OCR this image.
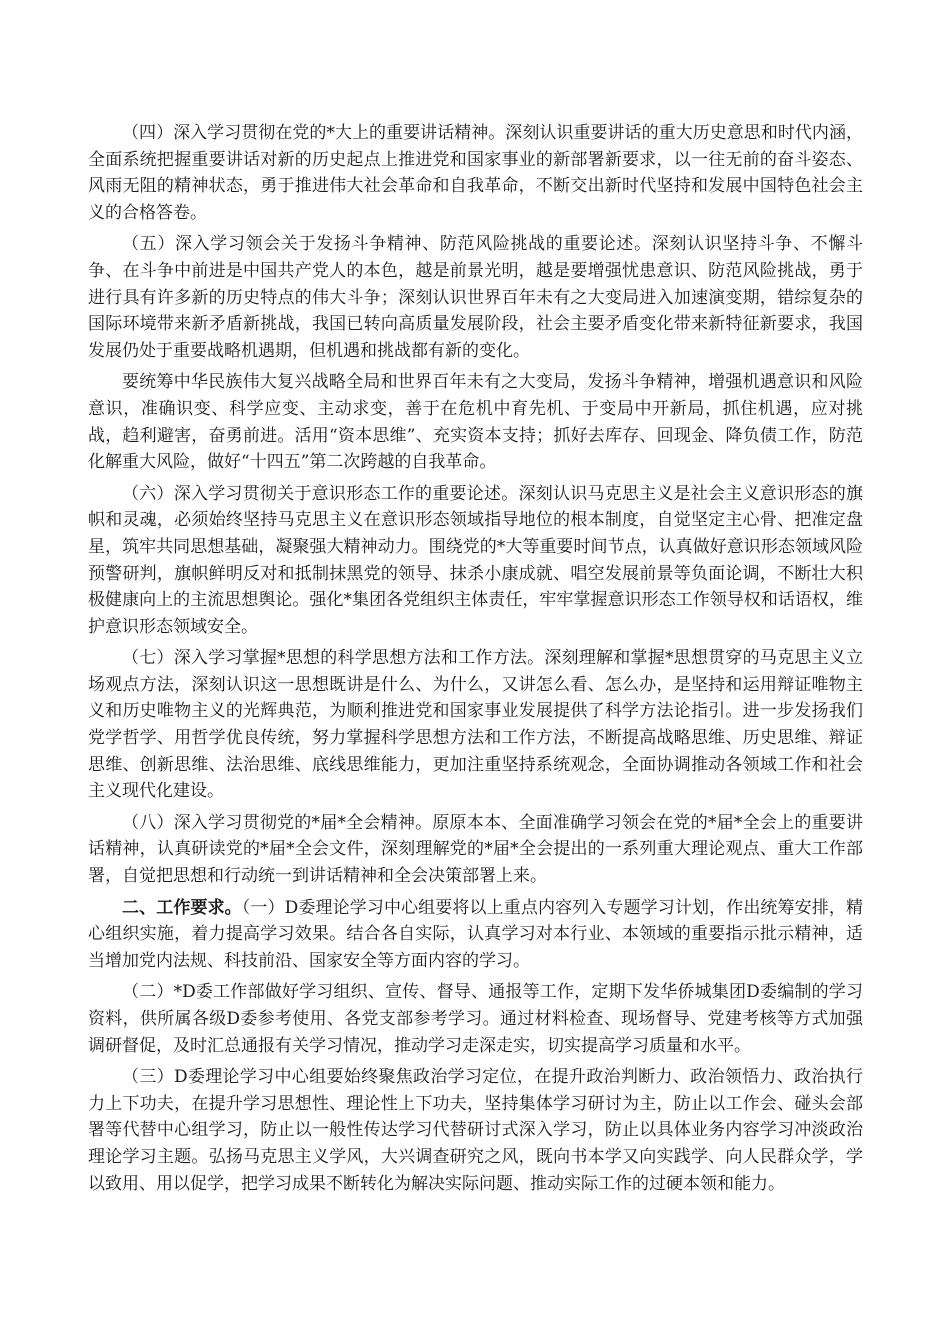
（四）深入学习贯彻在党的*大上的重要讲话精神。深刻认识重要讲话的重大历史意思和时代内涵，全面系统把握重要讲话对新的历史起点上推进党和国家事业的新部署新要求，以一往无前的奋斗姿态、风雨无阻的精神状态，勇于推进伟大社会革命和自我革命，不断交出新时代坚持和发展中国特色社会主义的合格答卷。

（五）深入学习领会关于发扬斗争精神、防范风险挑战的重要论述。深刻认识坚持斗争、不懈斗争、在斗争中前进是中国共产党人的本色，越是前景光明，越是要增强忧患意识、防范风险挑战，勇于进行具有许多新的历史特点的伟大斗争；深刻认识世界百年未有之大变局进入加速演变期，错综复杂的国际环境带来新矛盾新挑战，我国已转向高质量发展阶段，社会主要矛盾变化带来新特征新要求，我国发展仍处于重要战略机遇期，但机遇和挑战都有新的变化。

要统筹中华民族伟大复兴战略全局和世界百年未有之大变局，发扬斗争精神，增强机遇意识和风险意识，准确识变、科学应变、主动求变，善于在危机中育先机、于变局中开新局，抓住机遇，应对挑战，趋利避害，奋勇前进。活用“资本思维”、充实资本支持；抓好去库存、回现金、降负债工作，防范化解重大风险，做好“十四五”第二次跨越的自我革命。

（六）深入学习贯彻关于意识形态工作的重要论述。深刻认识马克思主义是社会主义意识形态的旗帜和灵魂，必须始终坚持马克思主义在意识形态领域指导地位的根本制度，自觉坚定主心骨、把准定盘星，筑牢共同思想基础，凝聚强大精神动力。围绕党的*大等重要时间节点，认真做好意识形态领域风险预警研判，旗帜鲜明反对和抵制抹黑党的领导、抹杀小康成就、唱空发展前景等负面论调，不断壮大积极健康向上的主流思想舆论。强化*集团各党组织主体责任，牢牢掌握意识形态工作领导权和话语权，维护意识形态领域安全。

（七）深入学习掌握*思想的科学思想方法和工作方法。深刻理解和掌握*思想贯穿的马克思主义立场观点方法，深刻认识这一思想既讲是什么、为什么，又讲怎么看、怎么办，是坚持和运用辩证唯物主义和历史唯物主义的光辉典范，为顺利推进党和国家事业发展提供了科学方法论指引。进一步发扬我们党学哲学、用哲学优良传统，努力掌握科学思想方法和工作方法，不断提高战略思维、历史思维、辩证思维、创新思维、法治思维、底线思维能力，更加注重坚持系统观念，全面协调推动各领域工作和社会主义现代化建设。

（八）深入学习贯彻党的*届*全会精神。原原本本、全面准确学习领会在党的*届*全会上的重要讲话精神，认真研读党的*届*全会文件，深刻理解党的*届*全会提出的一系列重大理论观点、重大工作部署，自觉把思想和行动统一到讲话精神和全会决策部署上来。

二、工作要求。（一）D委理论学习中心组要将以上重点内容列入专题学习计划，作出统筹安排，精心组织实施，着力提高学习效果。结合各自实际，认真学习对本行业、本领域的重要指示批示精神，适当增加党内法规、科技前沿、国家安全等方面内容的学习。

（二）*D委工作部做好学习组织、宣传、督导、通报等工作，定期下发华侨城集团D委编制的学习资料，供所属各级D委参考使用、各党支部参考学习。通过材料检查、现场督导、党建考核等方式加强调研督促，及时汇总通报有关学习情况，推动学习走深走实，切实提高学习质量和水平。

（三）D委理论学习中心组要始终聚焦政治学习定位，在提升政治判断力、政治领悟力、政治执行力上下功夫，在提升学习思想性、理论性上下功夫，坚持集体学习研讨为主，防止以工作会、碰头会部署等代替中心组学习，防止以一般性传达学习代替研讨式深入学习，防止以具体业务内容学习冲淡政治理论学习主题。弘扬马克思主义学风，大兴调查研究之风，既向书本学又向实践学、向人民群众学，学以致用、用以促学，把学习成果不断转化为解决实际问题、推动实际工作的过硬本领和能力。
